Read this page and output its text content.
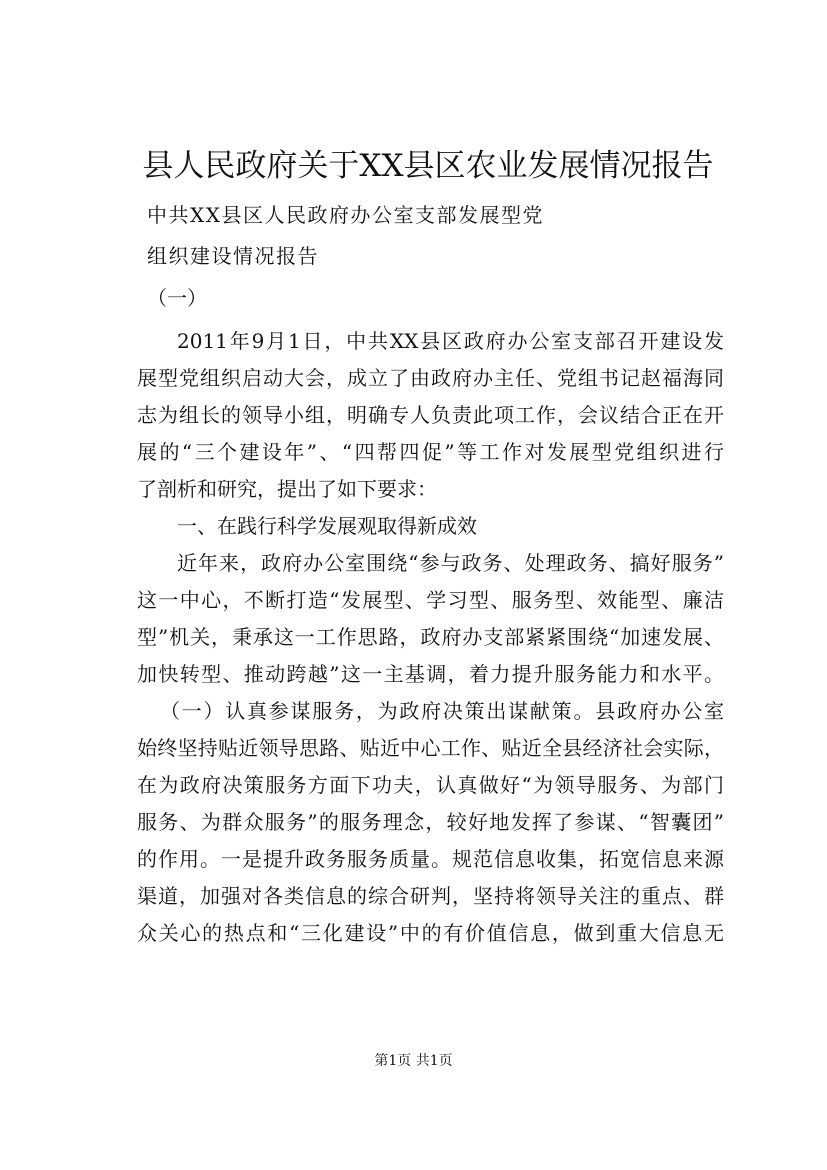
县人民政府关于XX县区农业发展情况报告
中共XX县区人民政府办公室支部发展型党
组织建设情况报告
（一）
2011年9月1日，中共XX县区政府办公室支部召开建设发
展型党组织启动大会，成立了由政府办主任、党组书记赵福海同
志为组长的领导小组，明确专人负责此项工作，会议结合正在开
展的“三个建设年”、“四帮四促”等工作对发展型党组织进行
了剖析和研究，提出了如下要求：
一、在践行科学发展观取得新成效
近年来，政府办公室围绕“参与政务、处理政务、搞好服务”
这一中心，不断打造“发展型、学习型、服务型、效能型、廉洁
型”机关，秉承这一工作思路，政府办支部紧紧围绕“加速发展、
加快转型、推动跨越”这一主基调，着力提升服务能力和水平。
（一）认真参谋服务，为政府决策出谋献策。县政府办公室
始终坚持贴近领导思路、贴近中心工作、贴近全县经济社会实际，
在为政府决策服务方面下功夫，认真做好“为领导服务、为部门
服务、为群众服务”的服务理念，较好地发挥了参谋、“智囊团”
的作用。一是提升政务服务质量。规范信息收集，拓宽信息来源
渠道，加强对各类信息的综合研判，坚持将领导关注的重点、群
众关心的热点和“三化建设”中的有价值信息，做到重大信息无
第1页 共1页
